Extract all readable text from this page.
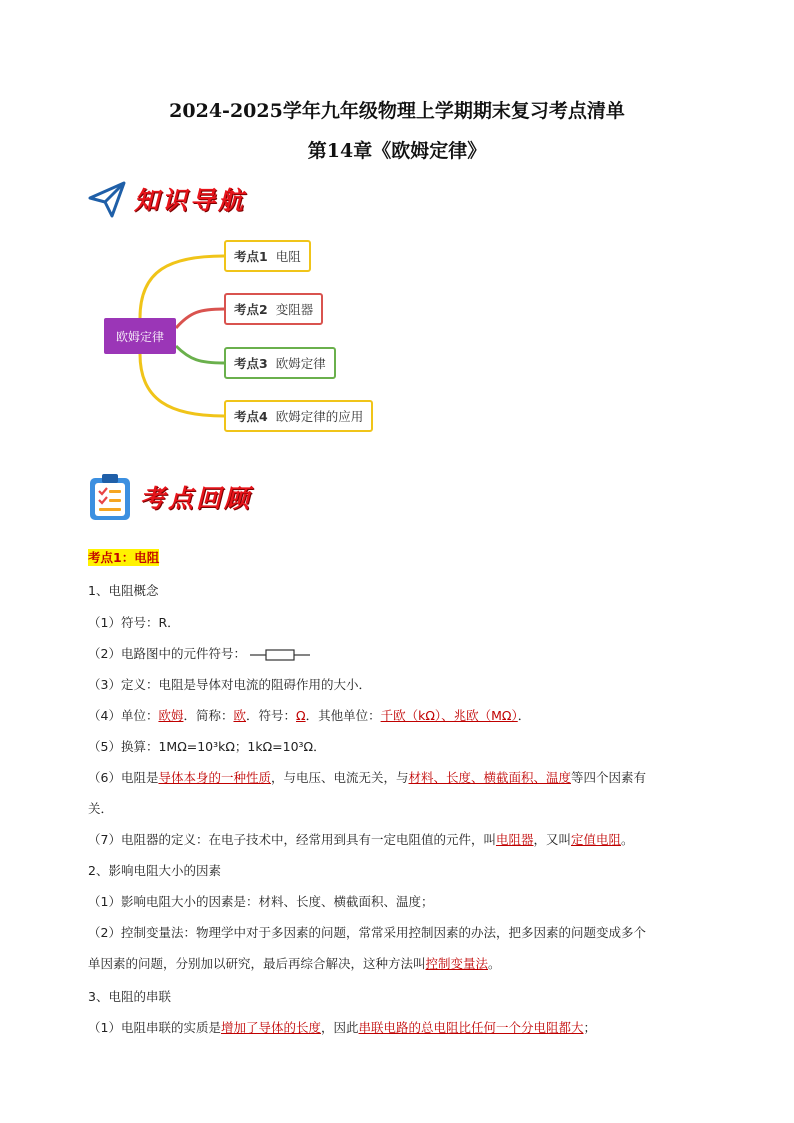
2024-2025学年九年级物理上学期期末复习考点清单
第14章《欧姆定律》
知识导航
欧姆定律
考点1 电阻
考点2 变阻器
考点3 欧姆定律
考点4 欧姆定律的应用
考点回顾
考点1：电阻
1、电阻概念
（1）符号：R．
（2）电路图中的元件符号：
（3）定义：电阻是导体对电流的阻碍作用的大小．
（4）单位：欧姆．简称：欧．符号：Ω．其他单位：千欧（kΩ）、兆欧（MΩ）．
（5）换算：1MΩ=10³kΩ；1kΩ=10³Ω．
（6）电阻是导体本身的一种性质，与电压、电流无关，与材料、长度、横截面积、温度等四个因素有
关．
（7）电阻器的定义：在电子技术中，经常用到具有一定电阻值的元件，叫电阻器，又叫定值电阻。
2、影响电阻大小的因素
（1）影响电阻大小的因素是：材料、长度、横截面积、温度；
（2）控制变量法：物理学中对于多因素的问题，常常采用控制因素的办法，把多因素的问题变成多个
单因素的问题，分别加以研究，最后再综合解决，这种方法叫控制变量法。
3、电阻的串联
（1）电阻串联的实质是增加了导体的长度，因此串联电路的总电阻比任何一个分电阻都大；
